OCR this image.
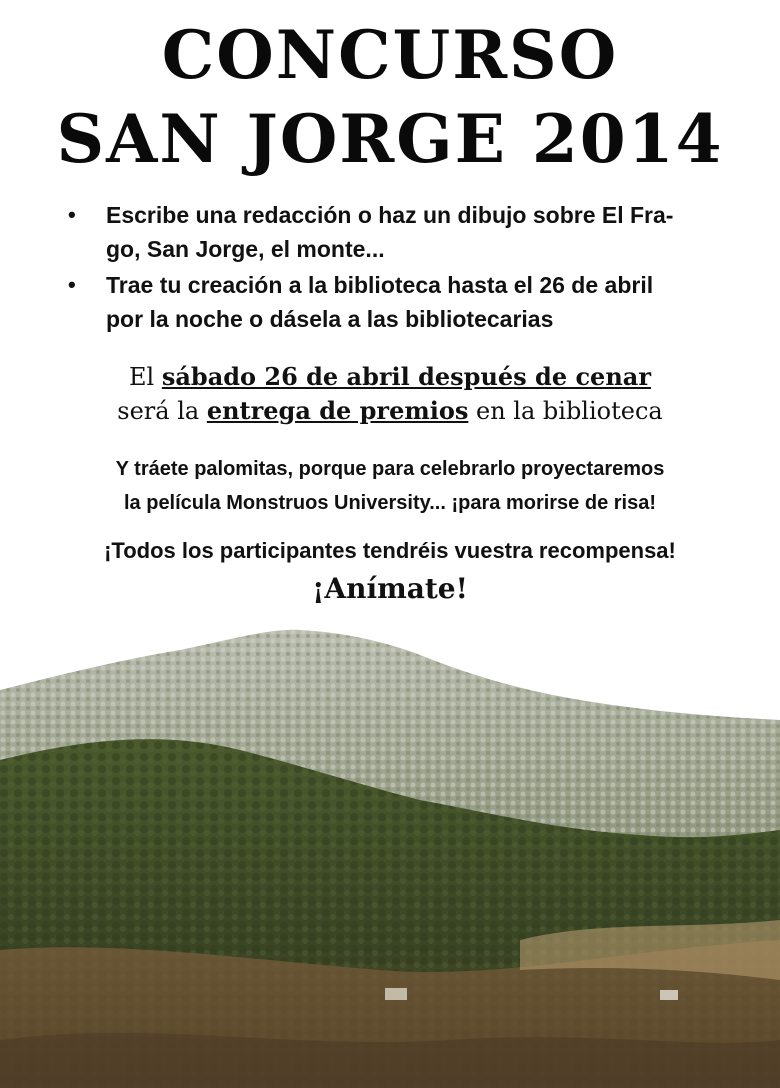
CONCURSO
SAN JORGE 2014
• Escribe una redacción o haz un dibujo sobre El Fra-
go, San Jorge, el monte...
• Trae tu creación a la biblioteca hasta el 26 de abril
por la noche o dásela a las bibliotecarias
El sábado 26 de abril después de cenar
será la entrega de premios en la biblioteca
Y tráete palomitas, porque para celebrarlo proyectaremos
la película Monstruos University... ¡para morirse de risa!
¡Todos los participantes tendréis vuestra recompensa!
¡Anímate!
